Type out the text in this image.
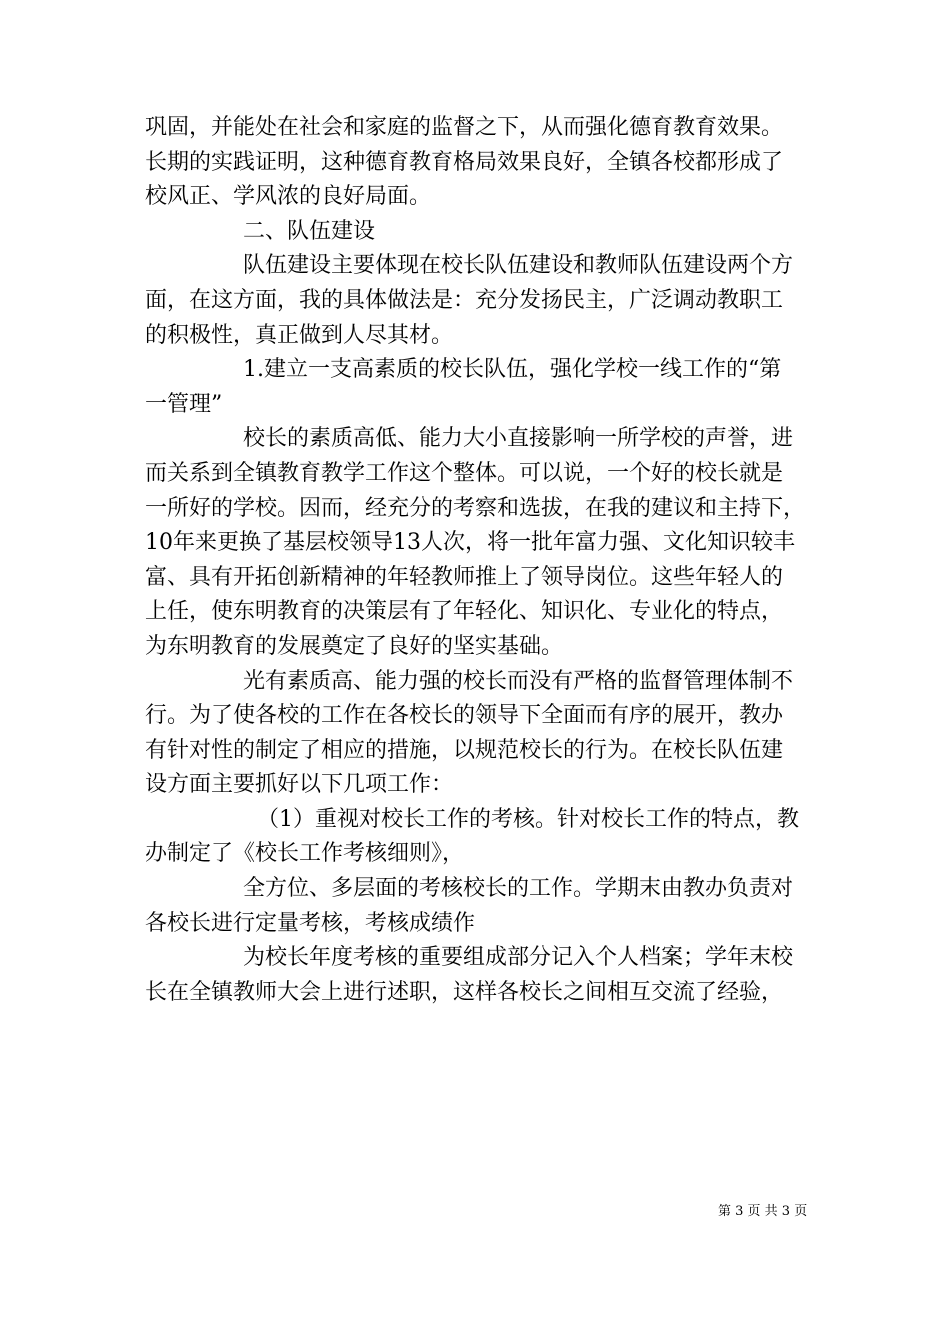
巩固，并能处在社会和家庭的监督之下，从而强化德育教育效果。
长期的实践证明，这种德育教育格局效果良好，全镇各校都形成了
校风正、学风浓的良好局面。
二、队伍建设
队伍建设主要体现在校长队伍建设和教师队伍建设两个方
面，在这方面，我的具体做法是：充分发扬民主，广泛调动教职工
的积极性，真正做到人尽其材。
1.建立一支高素质的校长队伍，强化学校一线工作的“第
一管理”
校长的素质高低、能力大小直接影响一所学校的声誉，进
而关系到全镇教育教学工作这个整体。可以说，一个好的校长就是
一所好的学校。因而，经充分的考察和选拔，在我的建议和主持下，
10年来更换了基层校领导13人次，将一批年富力强、文化知识较丰
富、具有开拓创新精神的年轻教师推上了领导岗位。这些年轻人的
上任，使东明教育的决策层有了年轻化、知识化、专业化的特点，
为东明教育的发展奠定了良好的坚实基础。
光有素质高、能力强的校长而没有严格的监督管理体制不
行。为了使各校的工作在各校长的领导下全面而有序的展开，教办
有针对性的制定了相应的措施，以规范校长的行为。在校长队伍建
设方面主要抓好以下几项工作：
（1）重视对校长工作的考核。针对校长工作的特点，教
办制定了《校长工作考核细则》，
全方位、多层面的考核校长的工作。学期末由教办负责对
各校长进行定量考核，考核成绩作
为校长年度考核的重要组成部分记入个人档案；学年末校
长在全镇教师大会上进行述职，这样各校长之间相互交流了经验，
第 3 页 共 3 页
